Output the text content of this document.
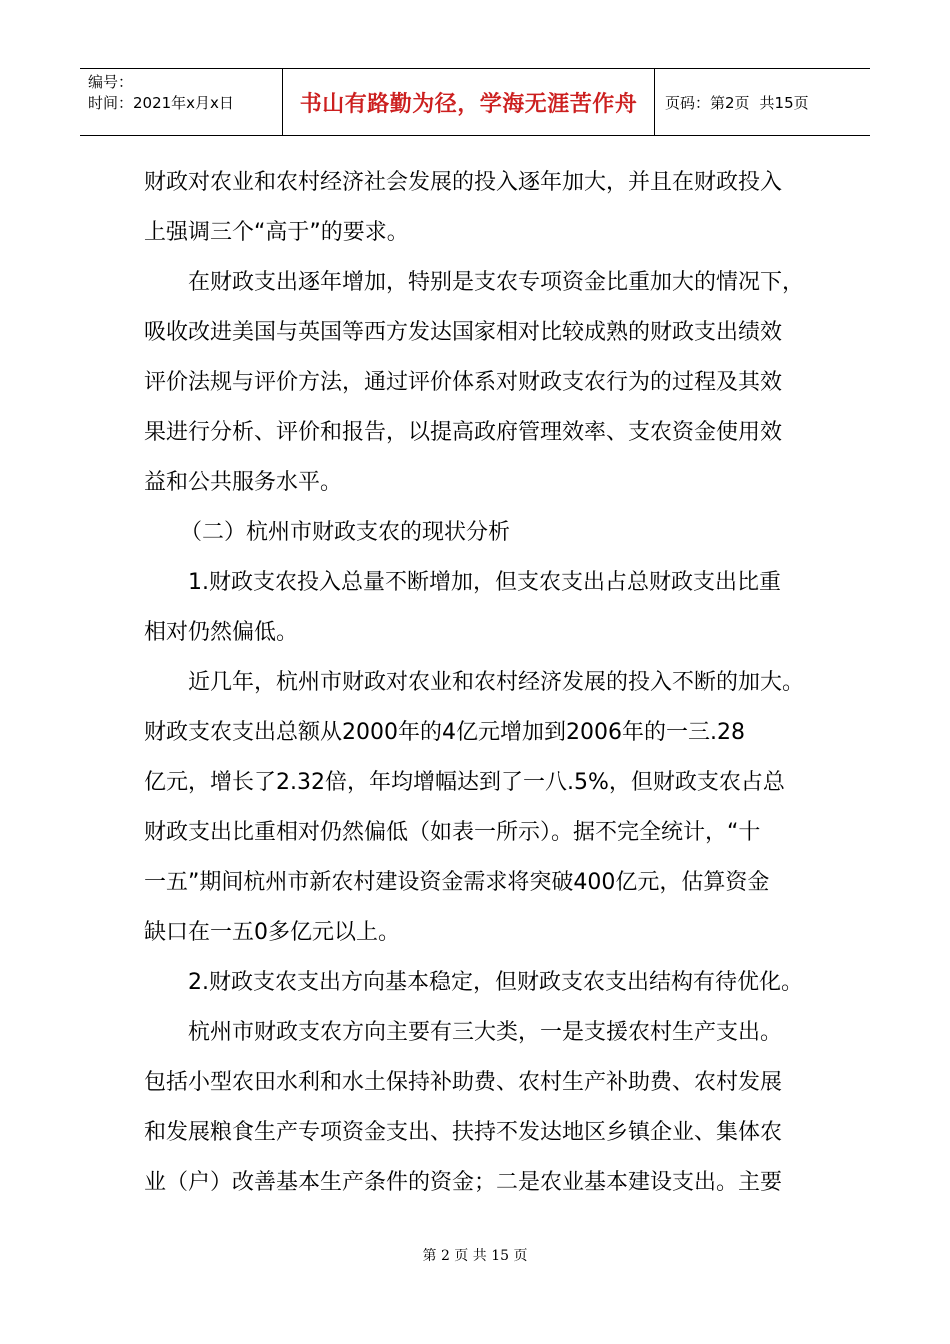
编号：
时间：2021年x月x日	书山有路勤为径，学海无涯苦作舟	页码：第2页 共15页
财政对农业和农村经济社会发展的投入逐年加大，并且在财政投入
上强调三个“高于”的要求。
在财政支出逐年增加，特别是支农专项资金比重加大的情况下，
吸收改进美国与英国等西方发达国家相对比较成熟的财政支出绩效
评价法规与评价方法，通过评价体系对财政支农行为的过程及其效
果进行分析、评价和报告，以提高政府管理效率、支农资金使用效
益和公共服务水平。
（二）杭州市财政支农的现状分析
1.财政支农投入总量不断增加，但支农支出占总财政支出比重
相对仍然偏低。
近几年，杭州市财政对农业和农村经济发展的投入不断的加大。
财政支农支出总额从2000年的4亿元增加到2006年的一三.28
亿元，增长了2.32倍，年均增幅达到了一八.5%，但财政支农占总
财政支出比重相对仍然偏低（如表一所示）。据不完全统计，“十
一五”期间杭州市新农村建设资金需求将突破400亿元，估算资金
缺口在一五0多亿元以上。
2.财政支农支出方向基本稳定，但财政支农支出结构有待优化。
杭州市财政支农方向主要有三大类，一是支援农村生产支出。
包括小型农田水利和水土保持补助费、农村生产补助费、农村发展
和发展粮食生产专项资金支出、扶持不发达地区乡镇企业、集体农
业（户）改善基本生产条件的资金；二是农业基本建设支出。主要
第 2 页 共 15 页
